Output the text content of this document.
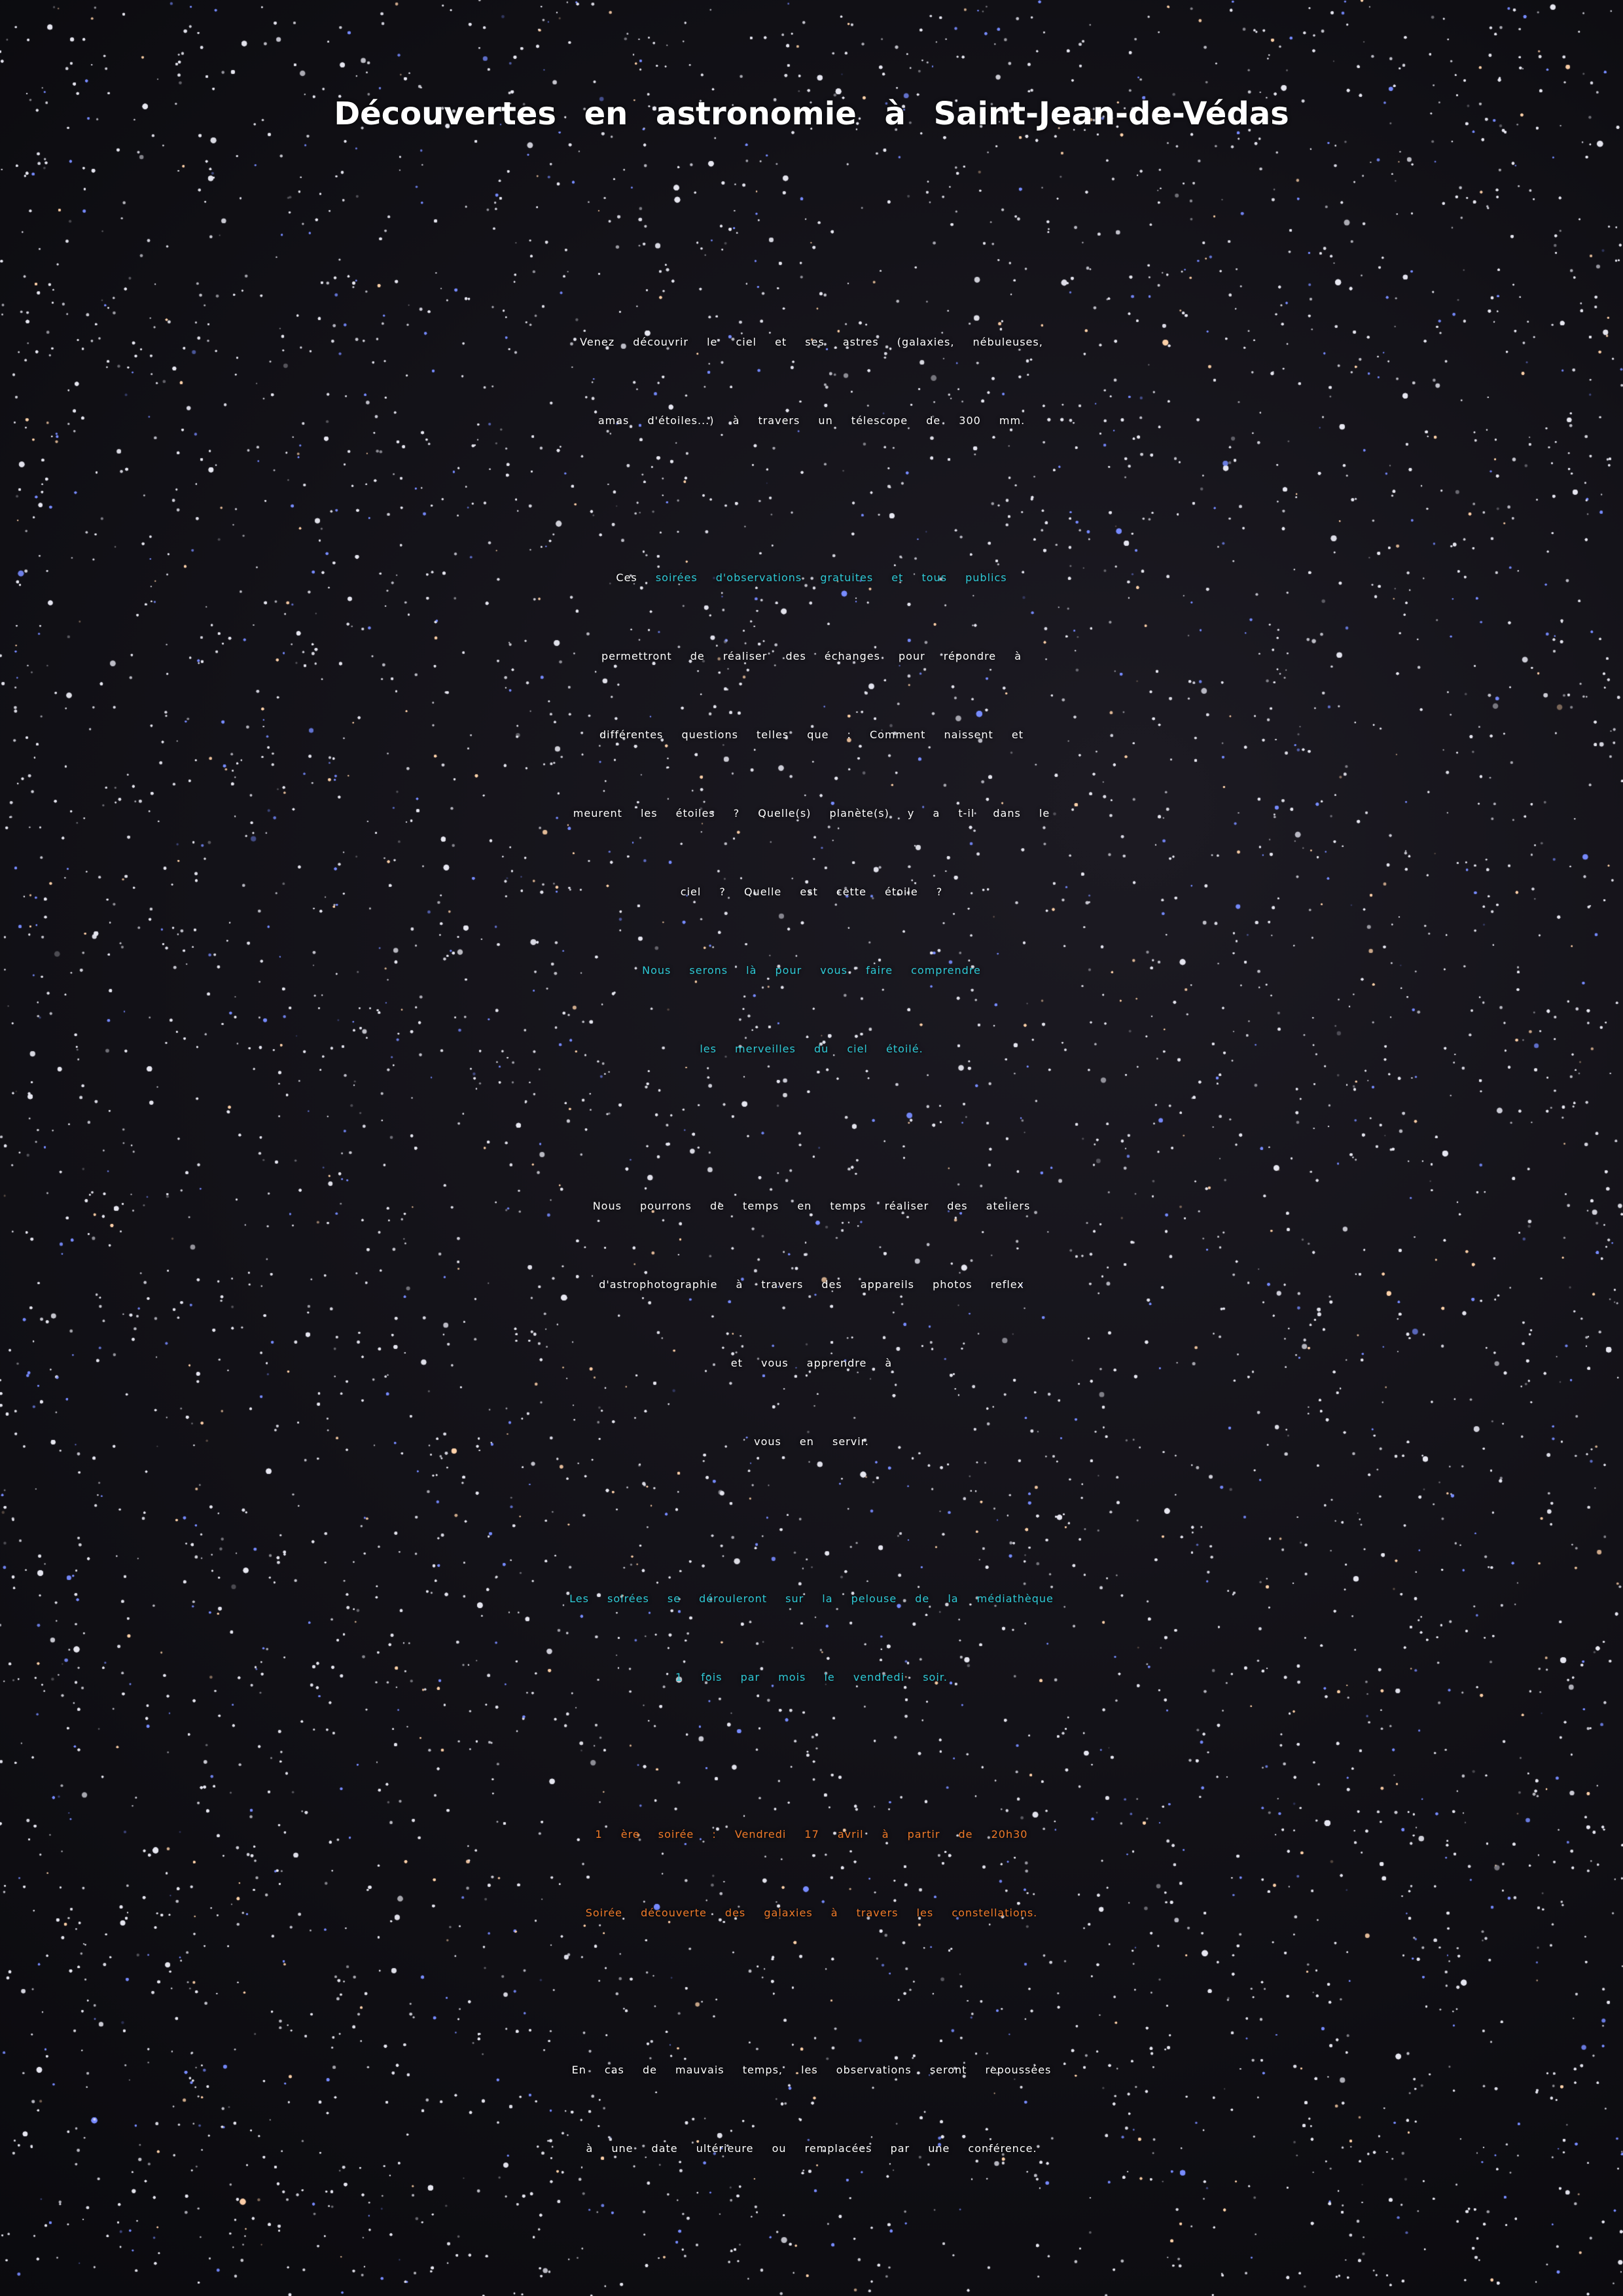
Découvertes en astronomie à Saint-Jean-de-Védas
Venez découvrir le ciel et ses astres (galaxies, nébuleuses,
amas d'étoiles...) à travers un télescope de 300 mm.
Ces soirées d'observations gratuites et tous publics
permettront de réaliser des échanges pour répondre à
différentes questions telles que : Comment naissent et
meurent les étoiles ? Quelle(s) planète(s) y a t-il dans le
ciel ? Quelle est cette étoile ?
Nous serons là pour vous faire comprendre
les merveilles du ciel étoilé.
Nous pourrons de temps en temps réaliser des ateliers
d'astrophotographie à travers des appareils photos reflex
et vous apprendre à
vous en servir.
Les soirées se dérouleront sur la pelouse de la médiathèque
1 fois par mois le vendredi soir.
1 ère soirée : Vendredi 17 avril à partir de 20h30
Soirée découverte des galaxies à travers les constellations.
En cas de mauvais temps, les observations seront repoussées
à une date ultérieure ou remplacées par une conférence.
